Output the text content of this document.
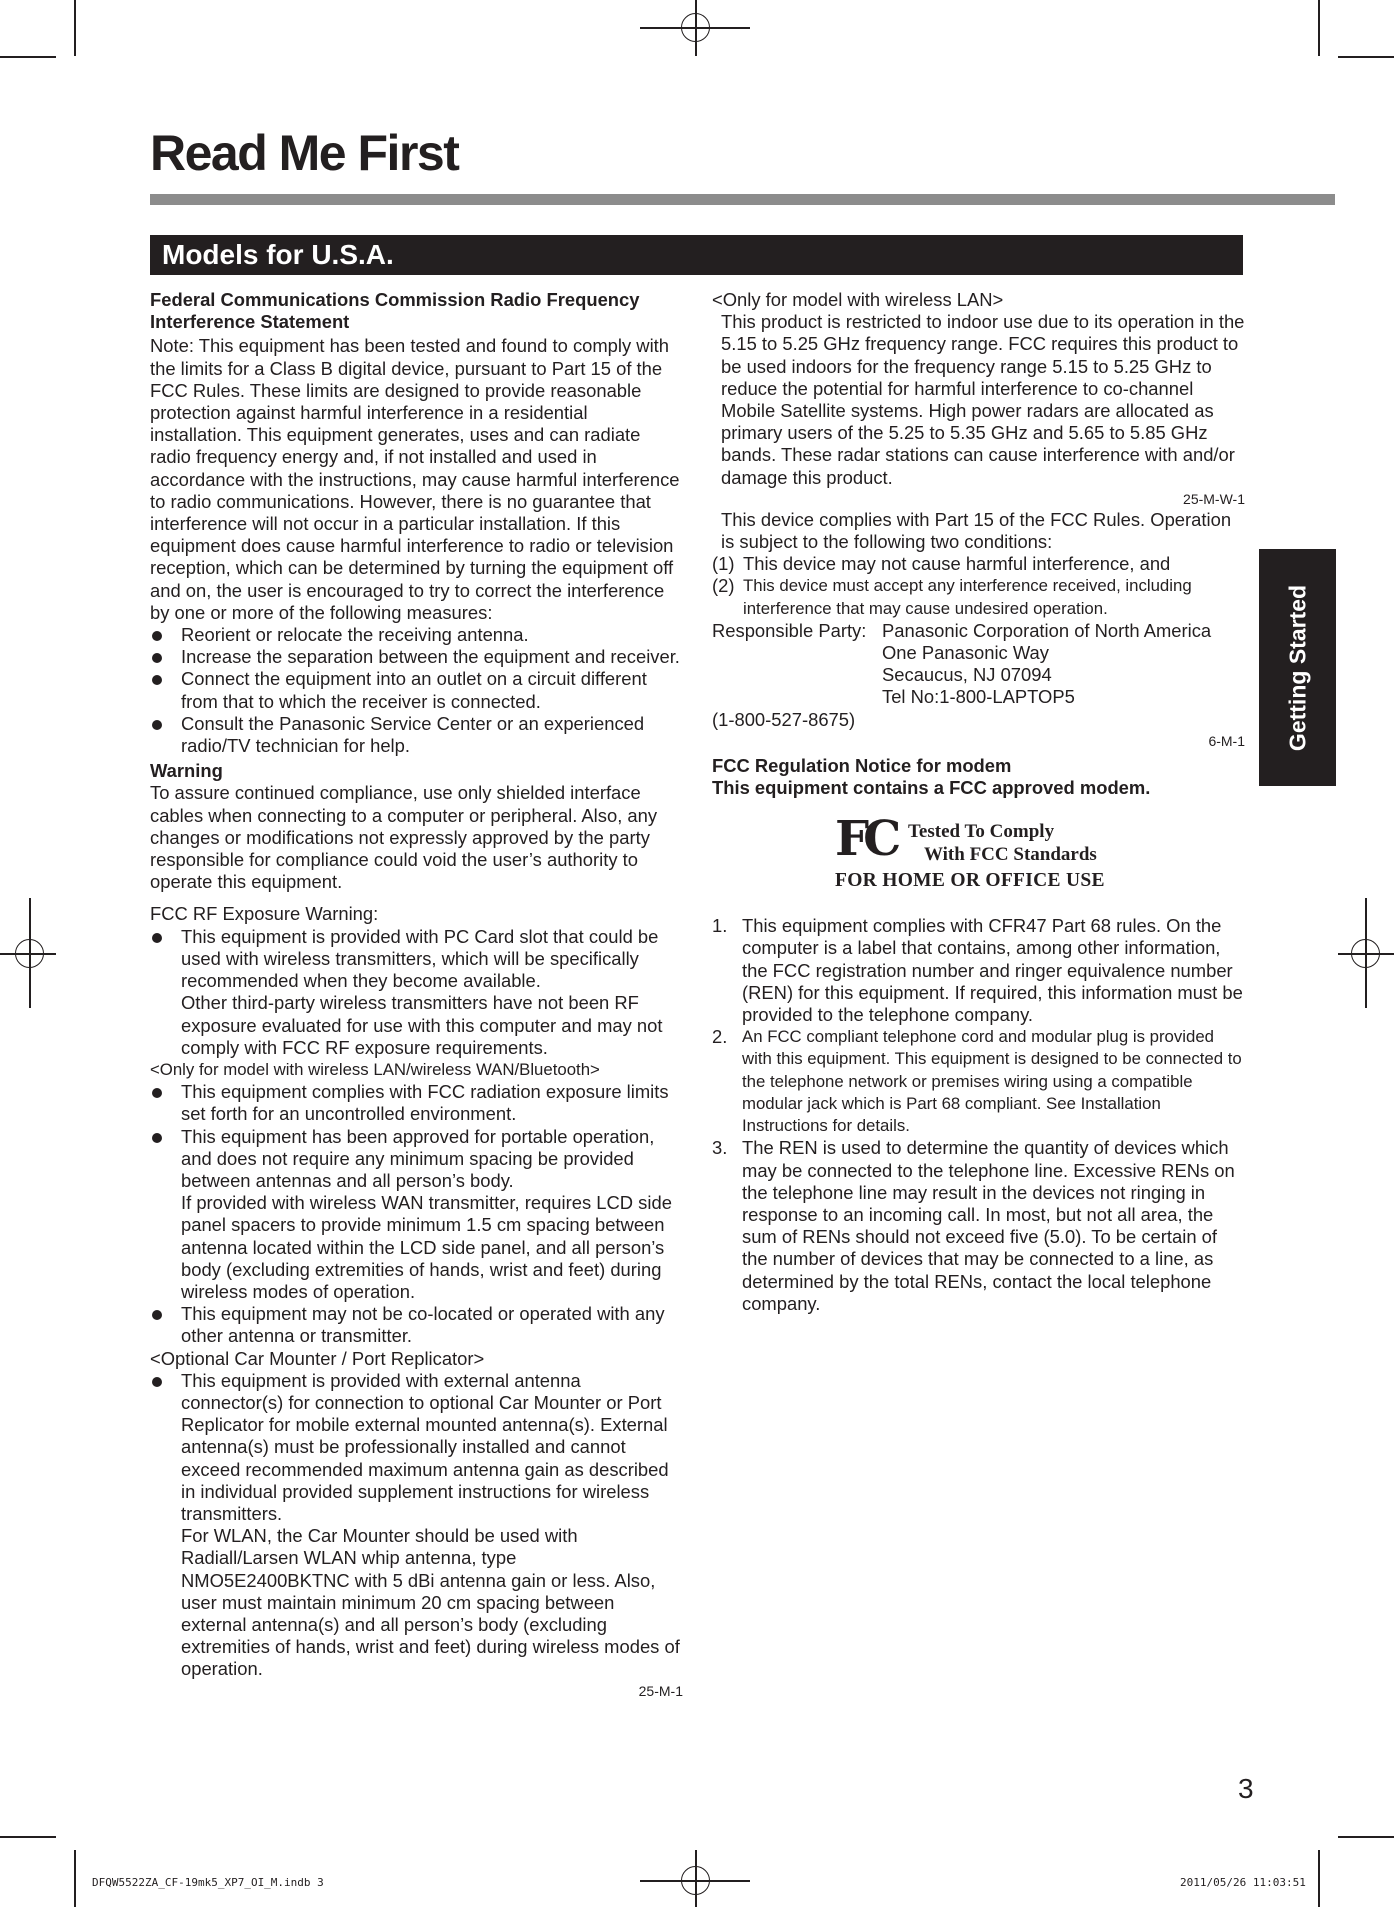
Read Me First
Models for U.S.A.
Getting Started

Federal Communications Commission Radio Frequency Interference Statement

Note: This equipment has been tested and found to comply with the limits for a Class B digital device, pursuant to Part 15 of the FCC Rules. These limits are designed to provide reasonable protection against harmful interference in a residential installation. This equipment generates, uses and can radiate radio frequency energy and, if not installed and used in accordance with the instructions, may cause harmful interference to radio communications. However, there is no guarantee that interference will not occur in a particular installation. If this equipment does cause harmful interference to radio or television reception, which can be determined by turning the equipment off and on, the user is encouraged to try to correct the interference by one or more of the following measures:

Reorient or relocate the receiving antenna.

Increase the separation between the equipment and receiver.

Connect the equipment into an outlet on a circuit different from that to which the receiver is connected.

Consult the Panasonic Service Center or an experienced radio/TV technician for help.

Warning

To assure continued compliance, use only shielded interface cables when connecting to a computer or peripheral. Also, any changes or modifications not expressly approved by the party responsible for compliance could void the user’s authority to operate this equipment.

FCC RF Exposure Warning:

This equipment is provided with PC Card slot that could be used with wireless transmitters, which will be specifically recommended when they become available.

Other third-party wireless transmitters have not been RF exposure evaluated for use with this computer and may not comply with FCC RF exposure requirements.

<Only for model with wireless LAN/wireless WAN/Bluetooth>

This equipment complies with FCC radiation exposure limits set forth for an uncontrolled environment.

This equipment has been approved for portable operation, and does not require any minimum spacing be provided between antennas and all person’s body.

If provided with wireless WAN transmitter, requires LCD side panel spacers to provide minimum 1.5 cm spacing between antenna located within the LCD side panel, and all person’s body (excluding extremities of hands, wrist and feet) during wireless modes of operation.

This equipment may not be co-located or operated with any other antenna or transmitter.

<Optional Car Mounter / Port Replicator>

This equipment is provided with external antenna connector(s) for connection to optional Car Mounter or Port Replicator for mobile external mounted antenna(s). External antenna(s) must be professionally installed and cannot exceed recommended maximum antenna gain as described in individual provided supplement instructions for wireless transmitters.

For WLAN, the Car Mounter should be used with Radiall/Larsen WLAN whip antenna, type NMO5E2400BKTNC with 5 dBi antenna gain or less. Also, user must maintain minimum 20 cm spacing between external antenna(s) and all person’s body (excluding extremities of hands, wrist and feet) during wireless modes of operation.

25-M-1

<Only for model with wireless LAN>

This product is restricted to indoor use due to its operation in the 5.15 to 5.25 GHz frequency range. FCC requires this product to be used indoors for the frequency range 5.15 to 5.25 GHz to reduce the potential for harmful interference to co-channel Mobile Satellite systems. High power radars are allocated as primary users of the 5.25 to 5.35 GHz and 5.65 to 5.85 GHz bands. These radar stations can cause interference with and/or damage this product.

25-M-W-1

This device complies with Part 15 of the FCC Rules. Operation is subject to the following two conditions:

(1) This device may not cause harmful interference, and

(2) This device must accept any interference received, including interference that may cause undesired operation.

Responsible Party: Panasonic Corporation of North America

One Panasonic Way

Secaucus, NJ 07094

Tel No:1-800-LAPTOP5

(1-800-527-8675)

6-M-1

FCC Regulation Notice for modem

This equipment contains a FCC approved modem.

FC Tested To Comply
With FCC Standards
FOR HOME OR OFFICE USE

1. This equipment complies with CFR47 Part 68 rules. On the computer is a label that contains, among other information, the FCC registration number and ringer equivalence number (REN) for this equipment. If required, this information must be provided to the telephone company.

2. An FCC compliant telephone cord and modular plug is provided with this equipment. This equipment is designed to be connected to the telephone network or premises wiring using a compatible modular jack which is Part 68 compliant. See Installation Instructions for details.

3. The REN is used to determine the quantity of devices which may be connected to the telephone line. Excessive RENs on the telephone line may result in the devices not ringing in response to an incoming call. In most, but not all area, the sum of RENs should not exceed five (5.0). To be certain of the number of devices that may be connected to a line, as determined by the total RENs, contact the local telephone company.

3
DFQW5522ZA_CF-19mk5_XP7_OI_M.indb 3	2011/05/26 11:03:51
